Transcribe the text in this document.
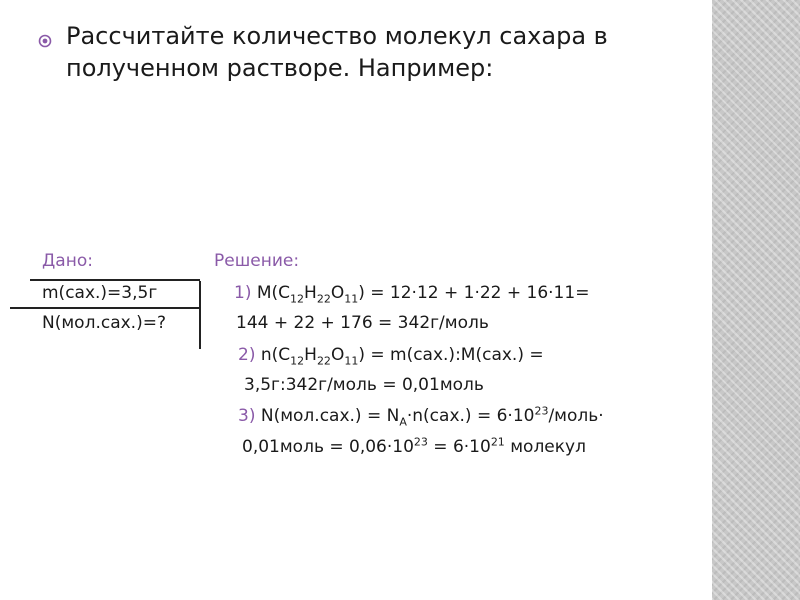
Рассчитайте количество молекул сахара в полученном растворе. Например:
Дано:	Решение:
m(сах.)=3,5г
N(мол.сах.)=?
1) $M(C_{12}H_{22}O_{11}) = 12\cdot 12 + 1\cdot 22 + 16\cdot 11=$
144 + 22 + 176 = 342г/моль
2) $n(C_{12}H_{22}O_{11})$ = m(сах.):M(сах.) =
3,5г:342г/моль = 0,01моль
3) $N(мол.сах.) = N_A\cdot n(сах.)$ = $6\cdot 10^{23}/моль\cdot$
0,01моль = $0,06\cdot 10^{23} = 6\cdot 10^{21}$ молекул
